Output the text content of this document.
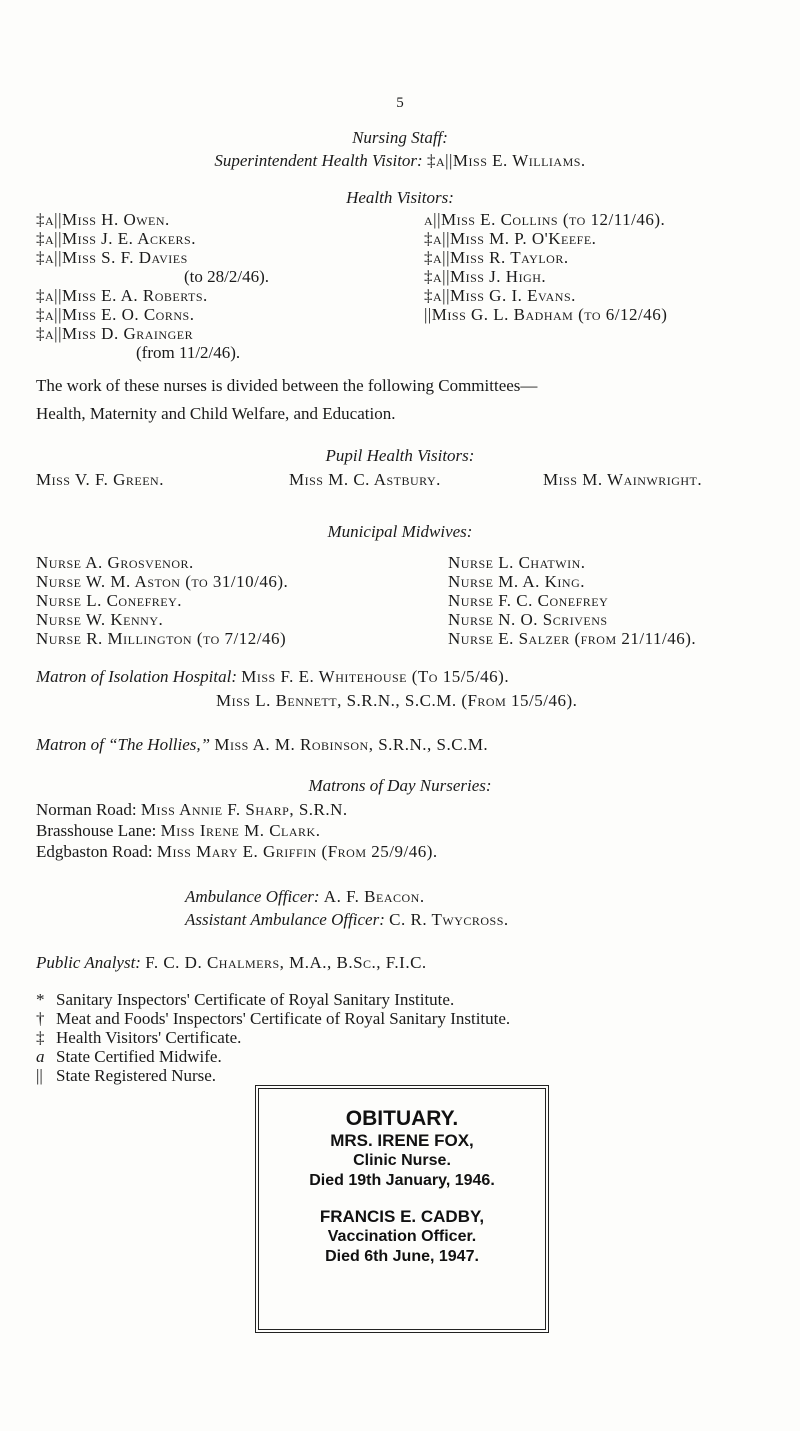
5
Nursing Staff:
Superintendent Health Visitor: ‡a||Miss E. Williams.
Health Visitors:
‡a||Miss H. Owen.
‡a||Miss J. E. Ackers.
‡a||Miss S. F. Davies
(to 28/2/46).
‡a||Miss E. A. Roberts.
‡a||Miss E. O. Corns.
‡a||Miss D. Grainger
(from 11/2/46).
a||Miss E. Collins (to 12/11/46).
‡a||Miss M. P. O'Keefe.
‡a||Miss R. Taylor.
‡a||Miss J. High.
‡a||Miss G. I. Evans.
||Miss G. L. Badham (to 6/12/46)
The work of these nurses is divided between the following Committees—
Health, Maternity and Child Welfare, and Education.
Pupil Health Visitors:
Miss V. F. Green.	Miss M. C. Astbury.	Miss M. Wainwright.
Municipal Midwives:
Nurse A. Grosvenor.
Nurse W. M. Aston (to 31/10/46).
Nurse L. Conefrey.
Nurse W. Kenny.
Nurse R. Millington (to 7/12/46)
Nurse L. Chatwin.
Nurse M. A. King.
Nurse F. C. Conefrey
Nurse N. O. Scrivens
Nurse E. Salzer (from 21/11/46).
Matron of Isolation Hospital: Miss F. E. Whitehouse (To 15/5/46).
Miss L. Bennett, S.R.N., S.C.M. (From 15/5/46).
Matron of “The Hollies,” Miss A. M. Robinson, S.R.N., S.C.M.
Matrons of Day Nurseries:
Norman Road: Miss Annie F. Sharp, S.R.N.
Brasshouse Lane: Miss Irene M. Clark.
Edgbaston Road: Miss Mary E. Griffin (From 25/9/46).
Ambulance Officer: A. F. Beacon.
Assistant Ambulance Officer: C. R. Twycross.
Public Analyst: F. C. D. Chalmers, M.A., B.Sc., F.I.C.
* Sanitary Inspectors' Certificate of Royal Sanitary Institute.
† Meat and Foods' Inspectors' Certificate of Royal Sanitary Institute.
‡ Health Visitors' Certificate.
a State Certified Midwife.
|| State Registered Nurse.
OBITUARY.
MRS. IRENE FOX,
Clinic Nurse.
Died 19th January, 1946.
FRANCIS E. CADBY,
Vaccination Officer.
Died 6th June, 1947.
